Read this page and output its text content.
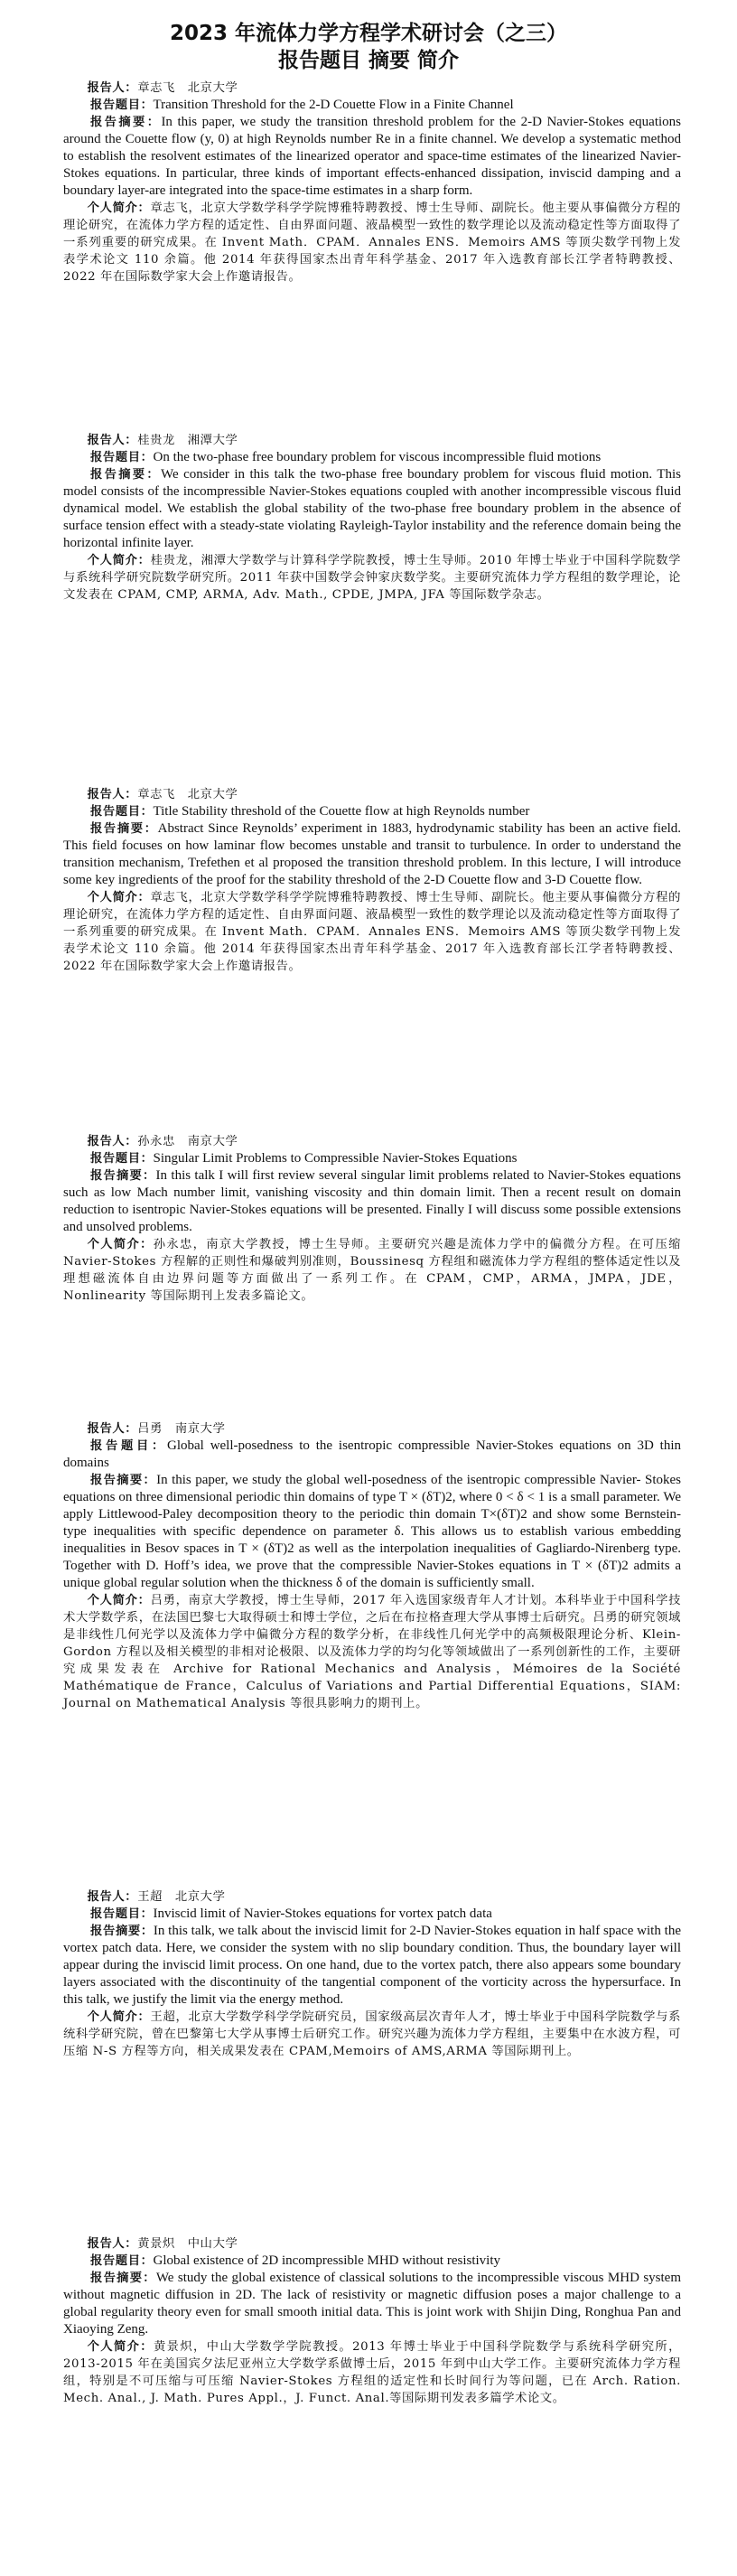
2023 年流体力学方程学术研讨会（之三）

报告题目 摘要 简介

报告人：章志飞　北京大学

报告题目：Transition Threshold for the 2-D Couette Flow in a Finite Channel

报告摘要：In this paper, we study the transition threshold problem for the 2-D Navier-Stokes equations around the Couette flow (y, 0) at high Reynolds number Re in a finite channel. We develop a systematic method to establish the resolvent estimates of the linearized operator and space-time estimates of the linearized Navier-Stokes equations. In particular, three kinds of important effects-enhanced dissipation, inviscid damping and a boundary layer-are integrated into the space-time estimates in a sharp form.

个人简介：章志飞，北京大学数学科学学院博雅特聘教授、博士生导师、副院长。他主要从事偏微分方程的理论研究，在流体力学方程的适定性、自由界面问题、液晶模型一致性的数学理论以及流动稳定性等方面取得了一系列重要的研究成果。在 Invent Math．CPAM．Annales ENS．Memoirs AMS 等顶尖数学刊物上发表学术论文 110 余篇。他 2014 年获得国家杰出青年科学基金、2017 年入选教育部长江学者特聘教授、2022 年在国际数学家大会上作邀请报告。

报告人：桂贵龙　湘潭大学

报告题目：On the two-phase free boundary problem for viscous incompressible fluid motions

报告摘要：We consider in this talk the two-phase free boundary problem for viscous fluid motion. This model consists of the incompressible Navier-Stokes equations coupled with another incompressible viscous fluid dynamical model. We establish the global stability of the two-phase free boundary problem in the absence of surface tension effect with a steady-state violating Rayleigh-Taylor instability and the reference domain being the horizontal infinite layer.

个人简介：桂贵龙，湘潭大学数学与计算科学学院教授，博士生导师。2010 年博士毕业于中国科学院数学与系统科学研究院数学研究所。2011 年获中国数学会钟家庆数学奖。主要研究流体力学方程组的数学理论，论文发表在 CPAM, CMP, ARMA, Adv. Math., CPDE, JMPA, JFA 等国际数学杂志。

报告人：章志飞　北京大学

报告题目：Title Stability threshold of the Couette flow at high Reynolds number

报告摘要：Abstract Since Reynolds’ experiment in 1883, hydrodynamic stability has been an active field. This field focuses on how laminar flow becomes unstable and transit to turbulence. In order to understand the transition mechanism, Trefethen et al proposed the transition threshold problem. In this lecture, I will introduce some key ingredients of the proof for the stability threshold of the 2-D Couette flow and 3-D Couette flow.

个人简介：章志飞，北京大学数学科学学院博雅特聘教授、博士生导师、副院长。他主要从事偏微分方程的理论研究，在流体力学方程的适定性、自由界面问题、液晶模型一致性的数学理论以及流动稳定性等方面取得了一系列重要的研究成果。在 Invent Math．CPAM．Annales ENS．Memoirs AMS 等顶尖数学刊物上发表学术论文 110 余篇。他 2014 年获得国家杰出青年科学基金、2017 年入选教育部长江学者特聘教授、2022 年在国际数学家大会上作邀请报告。

报告人：孙永忠　南京大学

报告题目：Singular Limit Problems to Compressible Navier-Stokes Equations

报告摘要：In this talk I will first review several singular limit problems related to Navier-Stokes equations such as low Mach number limit, vanishing viscosity and thin domain limit. Then a recent result on domain reduction to isentropic Navier-Stokes equations will be presented. Finally I will discuss some possible extensions and unsolved problems.

个人简介：孙永忠，南京大学教授，博士生导师。主要研究兴趣是流体力学中的偏微分方程。在可压缩 Navier-Stokes 方程解的正则性和爆破判别准则，Boussinesq 方程组和磁流体力学方程组的整体适定性以及理想磁流体自由边界问题等方面做出了一系列工作。在 CPAM，CMP，ARMA，JMPA，JDE，Nonlinearity 等国际期刊上发表多篇论文。

报告人：吕勇　南京大学

报告题目：Global well-posedness to the isentropic compressible Navier-Stokes equations on 3D thin domains

报告摘要：In this paper, we study the global well-posedness of the isentropic compressible Navier- Stokes equations on three dimensional periodic thin domains of type T × (δT)2, where 0 < δ < 1 is a small parameter. We apply Littlewood-Paley decomposition theory to the periodic thin domain T×(δT)2 and show some Bernstein-type inequalities with specific dependence on parameter δ. This allows us to establish various embedding inequalities in Besov spaces in T × (δT)2 as well as the interpolation inequalities of Gagliardo-Nirenberg type. Together with D. Hoff’s idea, we prove that the compressible Navier-Stokes equations in T × (δT)2 admits a unique global regular solution when the thickness δ of the domain is sufficiently small.

个人简介：吕勇，南京大学教授，博士生导师，2017 年入选国家级青年人才计划。本科毕业于中国科学技术大学数学系，在法国巴黎七大取得硕士和博士学位，之后在布拉格查理大学从事博士后研究。吕勇的研究领域是非线性几何光学以及流体力学中偏微分方程的数学分析，在非线性几何光学中的高频极限理论分析、Klein-Gordon 方程以及相关模型的非相对论极限、以及流体力学的均匀化等领域做出了一系列创新性的工作，主要研究成果发表在 Archive for Rational Mechanics and Analysis，Mémoires de la Société Mathématique de France，Calculus of Variations and Partial Differential Equations，SIAM: Journal on Mathematical Analysis 等很具影响力的期刊上。

报告人：王超　北京大学

报告题目：Inviscid limit of Navier-Stokes equations for vortex patch data

报告摘要：In this talk, we talk about the inviscid limit for 2-D Navier-Stokes equation in half space with the vortex patch data. Here, we consider the system with no slip boundary condition. Thus, the boundary layer will appear during the inviscid limit process. On one hand, due to the vortex patch, there also appears some boundary layers associated with the discontinuity of the tangential component of the vorticity across the hypersurface. In this talk, we justify the limit via the energy method.

个人简介：王超，北京大学数学科学学院研究员，国家级高层次青年人才，博士毕业于中国科学院数学与系统科学研究院，曾在巴黎第七大学从事博士后研究工作。研究兴趣为流体力学方程组，主要集中在水波方程，可压缩 N-S 方程等方向，相关成果发表在 CPAM,Memoirs of AMS,ARMA 等国际期刊上。

报告人：黄景炽　中山大学

报告题目：Global existence of 2D incompressible MHD without resistivity

报告摘要：We study the global existence of classical solutions to the incompressible viscous MHD system without magnetic diffusion in 2D. The lack of resistivity or magnetic diffusion poses a major challenge to a global regularity theory even for small smooth initial data. This is joint work with Shijin Ding, Ronghua Pan and Xiaoying Zeng.

个人简介：黄景炽，中山大学数学学院教授。2013 年博士毕业于中国科学院数学与系统科学研究所，2013-2015 年在美国宾夕法尼亚州立大学数学系做博士后，2015 年到中山大学工作。主要研究流体力学方程组，特别是不可压缩与可压缩 Navier-Stokes 方程组的适定性和长时间行为等问题，已在 Arch. Ration. Mech. Anal., J. Math. Pures Appl.，J. Funct. Anal.等国际期刊发表多篇学术论文。
